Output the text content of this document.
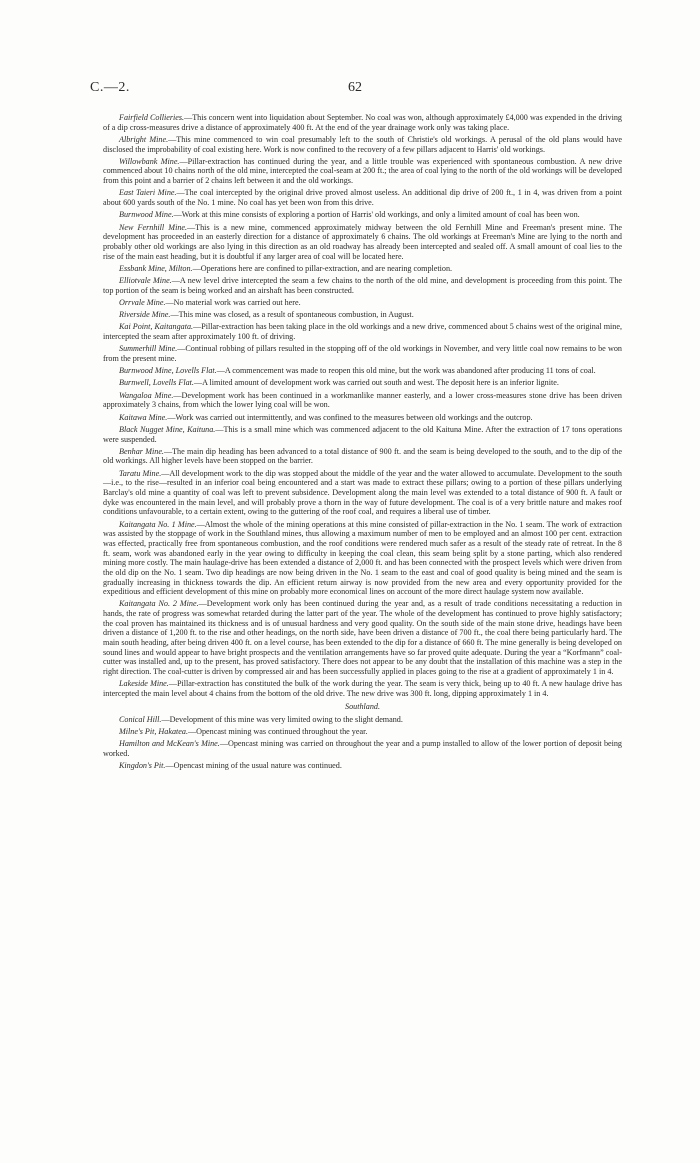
C.—2.	62

Fairfield Collieries.—This concern went into liquidation about September. No coal was won, although approximately £4,000 was expended in the driving of a dip cross-measures drive a distance of approximately 400 ft. At the end of the year drainage work only was taking place.

Albright Mine.—This mine commenced to win coal presumably left to the south of Christie's old workings. A perusal of the old plans would have disclosed the improbability of coal existing here. Work is now confined to the recovery of a few pillars adjacent to Harris' old workings.

Willowbank Mine.—Pillar-extraction has continued during the year, and a little trouble was experienced with spontaneous combustion. A new drive commenced about 10 chains north of the old mine, intercepted the coal-seam at 200 ft.; the area of coal lying to the north of the old workings will be developed from this point and a barrier of 2 chains left between it and the old workings.

East Taieri Mine.—The coal intercepted by the original drive proved almost useless. An additional dip drive of 200 ft., 1 in 4, was driven from a point about 600 yards south of the No. 1 mine. No coal has yet been won from this drive.

Burnwood Mine.—Work at this mine consists of exploring a portion of Harris' old workings, and only a limited amount of coal has been won.

New Fernhill Mine.—This is a new mine, commenced approximately midway between the old Fernhill Mine and Freeman's present mine. The development has proceeded in an easterly direction for a distance of approximately 6 chains. The old workings at Freeman's Mine are lying to the north and probably other old workings are also lying in this direction as an old roadway has already been intercepted and sealed off. A small amount of coal lies to the rise of the main east heading, but it is doubtful if any larger area of coal will be located here.

Essbank Mine, Milton.—Operations here are confined to pillar-extraction, and are nearing completion.

Elliotvale Mine.—A new level drive intercepted the seam a few chains to the north of the old mine, and development is proceeding from this point. The top portion of the seam is being worked and an airshaft has been constructed.

Orrvale Mine.—No material work was carried out here.

Riverside Mine.—This mine was closed, as a result of spontaneous combustion, in August.

Kai Point, Kaitangata.—Pillar-extraction has been taking place in the old workings and a new drive, commenced about 5 chains west of the original mine, intercepted the seam after approximately 100 ft. of driving.

Summerhill Mine.—Continual robbing of pillars resulted in the stopping off of the old workings in November, and very little coal now remains to be won from the present mine.

Burnwood Mine, Lovells Flat.—A commencement was made to reopen this old mine, but the work was abandoned after producing 11 tons of coal.

Burnwell, Lovells Flat.—A limited amount of development work was carried out south and west. The deposit here is an inferior lignite.

Wangaloa Mine.—Development work has been continued in a workmanlike manner easterly, and a lower cross-measures stone drive has been driven approximately 3 chains, from which the lower lying coal will be won.

Kaitawa Mine.—Work was carried out intermittently, and was confined to the measures between old workings and the outcrop.

Black Nugget Mine, Kaituna.—This is a small mine which was commenced adjacent to the old Kaituna Mine. After the extraction of 17 tons operations were suspended.

Benhar Mine.—The main dip heading has been advanced to a total distance of 900 ft. and the seam is being developed to the south, and to the dip of the old workings. All higher levels have been stopped on the barrier.

Taratu Mine.—All development work to the dip was stopped about the middle of the year and the water allowed to accumulate. Development to the south—i.e., to the rise—resulted in an inferior coal being encountered and a start was made to extract these pillars; owing to a portion of these pillars underlying Barclay's old mine a quantity of coal was left to prevent subsidence. Development along the main level was extended to a total distance of 900 ft. A fault or dyke was encountered in the main level, and will probably prove a thorn in the way of future development. The coal is of a very brittle nature and makes roof conditions unfavourable, to a certain extent, owing to the guttering of the roof coal, and requires a liberal use of timber.

Kaitangata No. 1 Mine.—Almost the whole of the mining operations at this mine consisted of pillar-extraction in the No. 1 seam. The work of extraction was assisted by the stoppage of work in the Southland mines, thus allowing a maximum number of men to be employed and an almost 100 per cent. extraction was effected, practically free from spontaneous combustion, and the roof conditions were rendered much safer as a result of the steady rate of retreat. In the 8 ft. seam, work was abandoned early in the year owing to difficulty in keeping the coal clean, this seam being split by a stone parting, which also rendered mining more costly. The main haulage-drive has been extended a distance of 2,000 ft. and has been connected with the prospect levels which were driven from the old dip on the No. 1 seam. Two dip headings are now being driven in the No. 1 seam to the east and coal of good quality is being mined and the seam is gradually increasing in thickness towards the dip. An efficient return airway is now provided from the new area and every opportunity provided for the expeditious and efficient development of this mine on probably more economical lines on account of the more direct haulage system now available.

Kaitangata No. 2 Mine.—Development work only has been continued during the year and, as a result of trade conditions necessitating a reduction in hands, the rate of progress was somewhat retarded during the latter part of the year. The whole of the development has continued to prove highly satisfactory; the coal proven has maintained its thickness and is of unusual hardness and very good quality. On the south side of the main stone drive, headings have been driven a distance of 1,200 ft. to the rise and other headings, on the north side, have been driven a distance of 700 ft., the coal there being particularly hard. The main south heading, after being driven 400 ft. on a level course, has been extended to the dip for a distance of 660 ft. The mine generally is being developed on sound lines and would appear to have bright prospects and the ventilation arrangements have so far proved quite adequate. During the year a “Korfmann” coal-cutter was installed and, up to the present, has proved satisfactory. There does not appear to be any doubt that the installation of this machine was a step in the right direction. The coal-cutter is driven by compressed air and has been successfully applied in places going to the rise at a gradient of approximately 1 in 4.

Lakeside Mine.—Pillar-extraction has constituted the bulk of the work during the year. The seam is very thick, being up to 40 ft. A new haulage drive has intercepted the main level about 4 chains from the bottom of the old drive. The new drive was 300 ft. long, dipping approximately 1 in 4.

Southland.

Conical Hill.—Development of this mine was very limited owing to the slight demand.

Milne's Pit, Hakatea.—Opencast mining was continued throughout the year.

Hamilton and McKean's Mine.—Opencast mining was carried on throughout the year and a pump installed to allow of the lower portion of deposit being worked.

Kingdon's Pit.—Opencast mining of the usual nature was continued.
